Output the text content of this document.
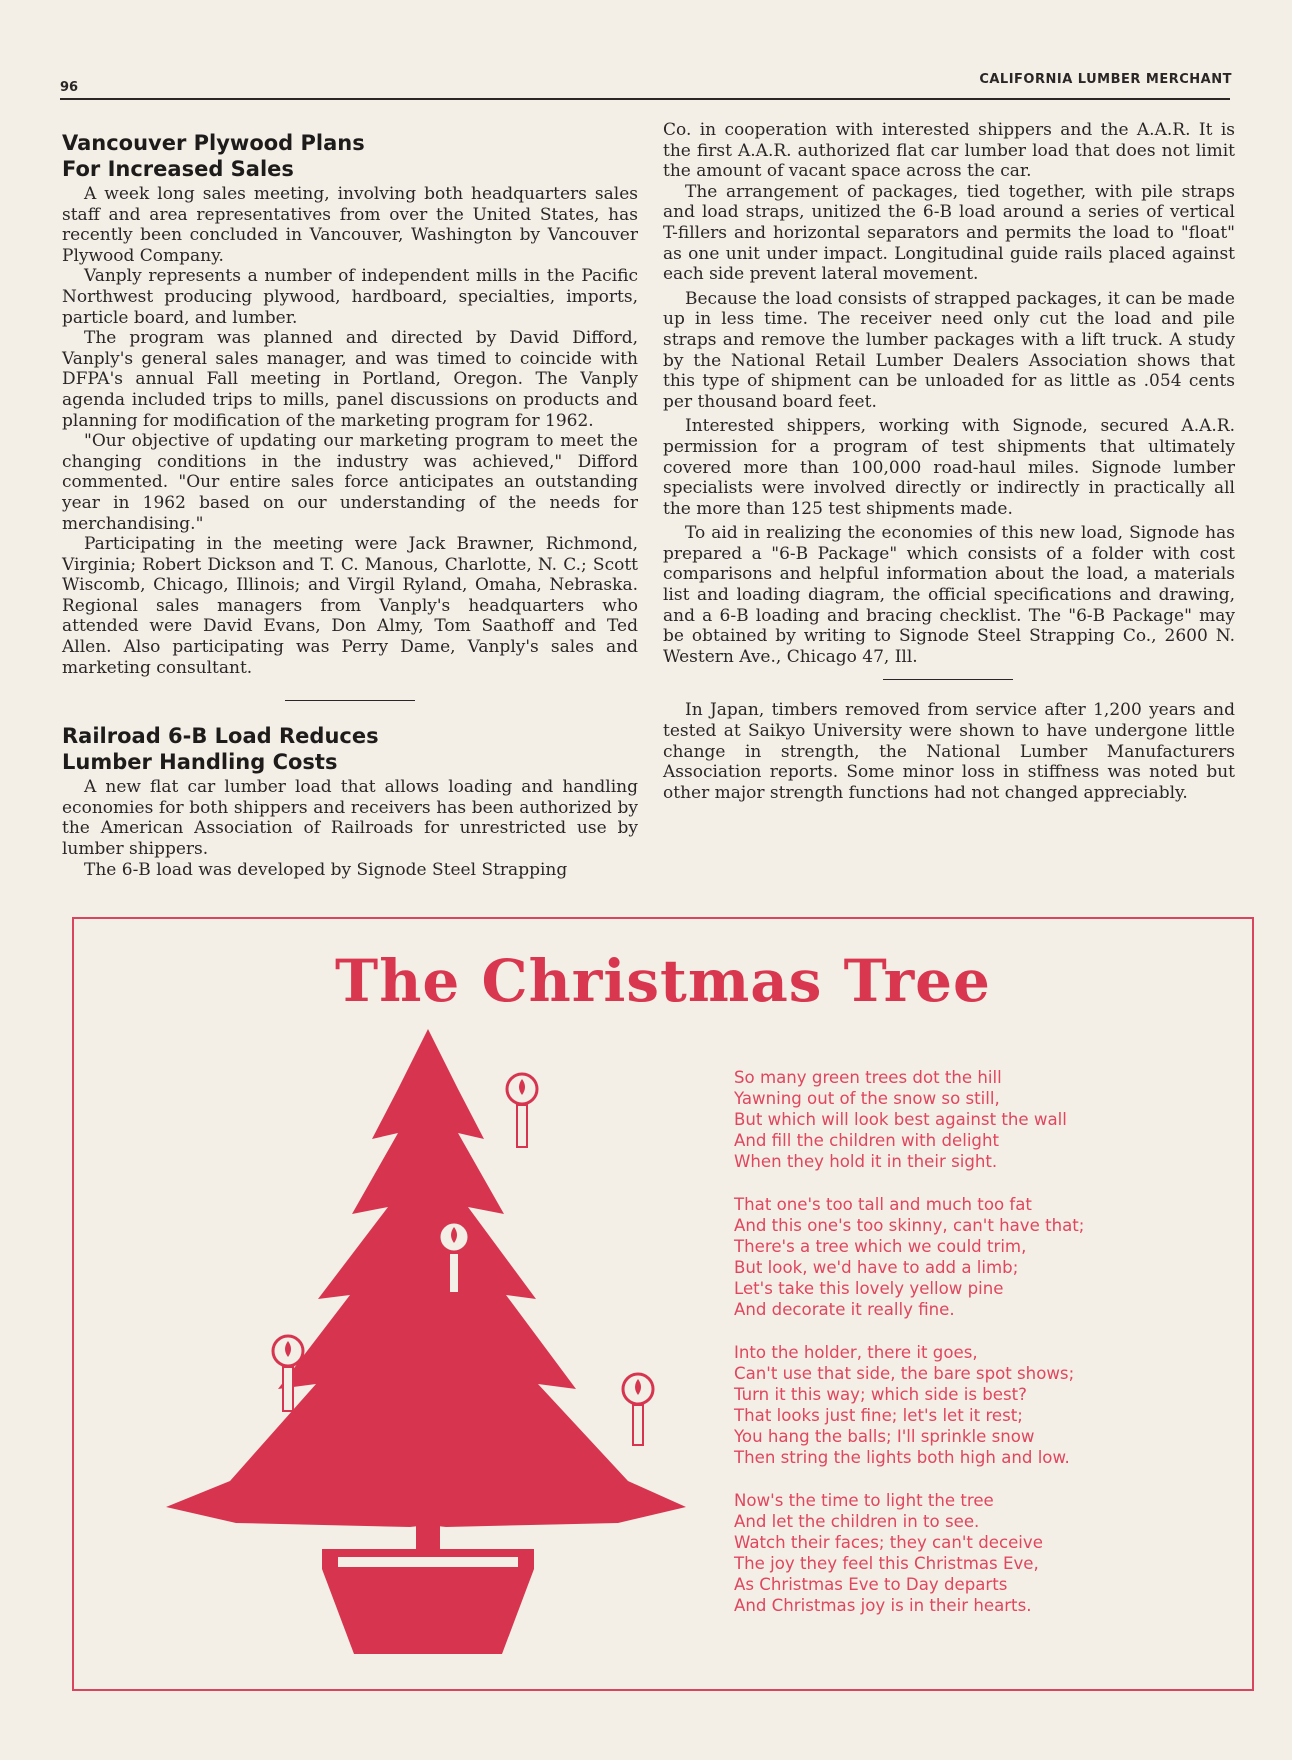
96
CALIFORNIA LUMBER MERCHANT
Vancouver Plywood Plans
For Increased Sales

A week long sales meeting, involving both headquarters sales staff and area representatives from over the United States, has recently been concluded in Vancouver, Washington by Vancouver Plywood Company.

Vanply represents a number of independent mills in the Pacific Northwest producing plywood, hardboard, specialties, imports, particle board, and lumber.

The program was planned and directed by David Difford, Vanply's general sales manager, and was timed to coincide with DFPA's annual Fall meeting in Portland, Oregon. The Vanply agenda included trips to mills, panel discussions on products and planning for modification of the marketing program for 1962.

"Our objective of updating our marketing program to meet the changing conditions in the industry was achieved," Difford commented. "Our entire sales force anticipates an outstanding year in 1962 based on our understanding of the needs for merchandising."

Participating in the meeting were Jack Brawner, Richmond, Virginia; Robert Dickson and T. C. Manous, Charlotte, N. C.; Scott Wiscomb, Chicago, Illinois; and Virgil Ryland, Omaha, Nebraska. Regional sales managers from Vanply's headquarters who attended were David Evans, Don Almy, Tom Saathoff and Ted Allen. Also participating was Perry Dame, Vanply's sales and marketing consultant.

Railroad 6-B Load Reduces
Lumber Handling Costs

A new flat car lumber load that allows loading and handling economies for both shippers and receivers has been authorized by the American Association of Railroads for unrestricted use by lumber shippers.

The 6-B load was developed by Signode Steel Strapping

Co. in cooperation with interested shippers and the A.A.R. It is the first A.A.R. authorized flat car lumber load that does not limit the amount of vacant space across the car.

The arrangement of packages, tied together, with pile straps and load straps, unitized the 6-B load around a series of vertical T-fillers and horizontal separators and permits the load to "float" as one unit under impact. Longitudinal guide rails placed against each side prevent lateral movement.

Because the load consists of strapped packages, it can be made up in less time. The receiver need only cut the load and pile straps and remove the lumber packages with a lift truck. A study by the National Retail Lumber Dealers Association shows that this type of shipment can be unloaded for as little as .054 cents per thousand board feet.

Interested shippers, working with Signode, secured A.A.R. permission for a program of test shipments that ultimately covered more than 100,000 road-haul miles. Signode lumber specialists were involved directly or indirectly in practically all the more than 125 test shipments made.

To aid in realizing the economies of this new load, Signode has prepared a "6-B Package" which consists of a folder with cost comparisons and helpful information about the load, a materials list and loading diagram, the official specifications and drawing, and a 6-B loading and bracing checklist. The "6-B Package" may be obtained by writing to Signode Steel Strapping Co., 2600 N. Western Ave., Chicago 47, Ill.

In Japan, timbers removed from service after 1,200 years and tested at Saikyo University were shown to have undergone little change in strength, the National Lumber Manufacturers Association reports. Some minor loss in stiffness was noted but other major strength functions had not changed appreciably.

The Christmas Tree
So many green trees dot the hill
Yawning out of the snow so still,
But which will look best against the wall
And fill the children with delight
When they hold it in their sight.
That one's too tall and much too fat
And this one's too skinny, can't have that;
There's a tree which we could trim,
But look, we'd have to add a limb;
Let's take this lovely yellow pine
And decorate it really fine.
Into the holder, there it goes,
Can't use that side, the bare spot shows;
Turn it this way; which side is best?
That looks just fine; let's let it rest;
You hang the balls; I'll sprinkle snow
Then string the lights both high and low.
Now's the time to light the tree
And let the children in to see.
Watch their faces; they can't deceive
The joy they feel this Christmas Eve,
As Christmas Eve to Day departs
And Christmas joy is in their hearts.
